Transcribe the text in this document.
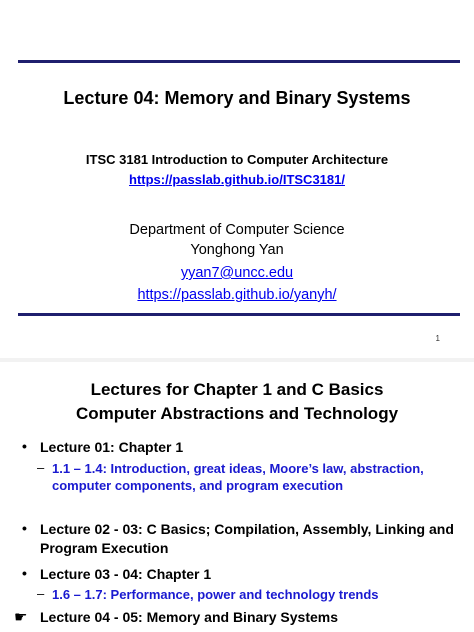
Lecture 04: Memory and Binary Systems
ITSC 3181 Introduction to Computer Architecture
https://passlab.github.io/ITSC3181/
Department of Computer Science
Yonghong Yan
yyan7@uncc.edu
https://passlab.github.io/yanyh/
1
Lectures for Chapter 1 and C Basics
Computer Abstractions and Technology
• Lecture 01: Chapter 1
– 1.1 – 1.4: Introduction, great ideas, Moore’s law, abstraction, computer components, and program execution
• Lecture 02 - 03: C Basics; Compilation, Assembly, Linking and Program Execution
• Lecture 03 - 04: Chapter 1
– 1.6 – 1.7: Performance, power and technology trends
☛ Lecture 04 - 05: Memory and Binary Systems
